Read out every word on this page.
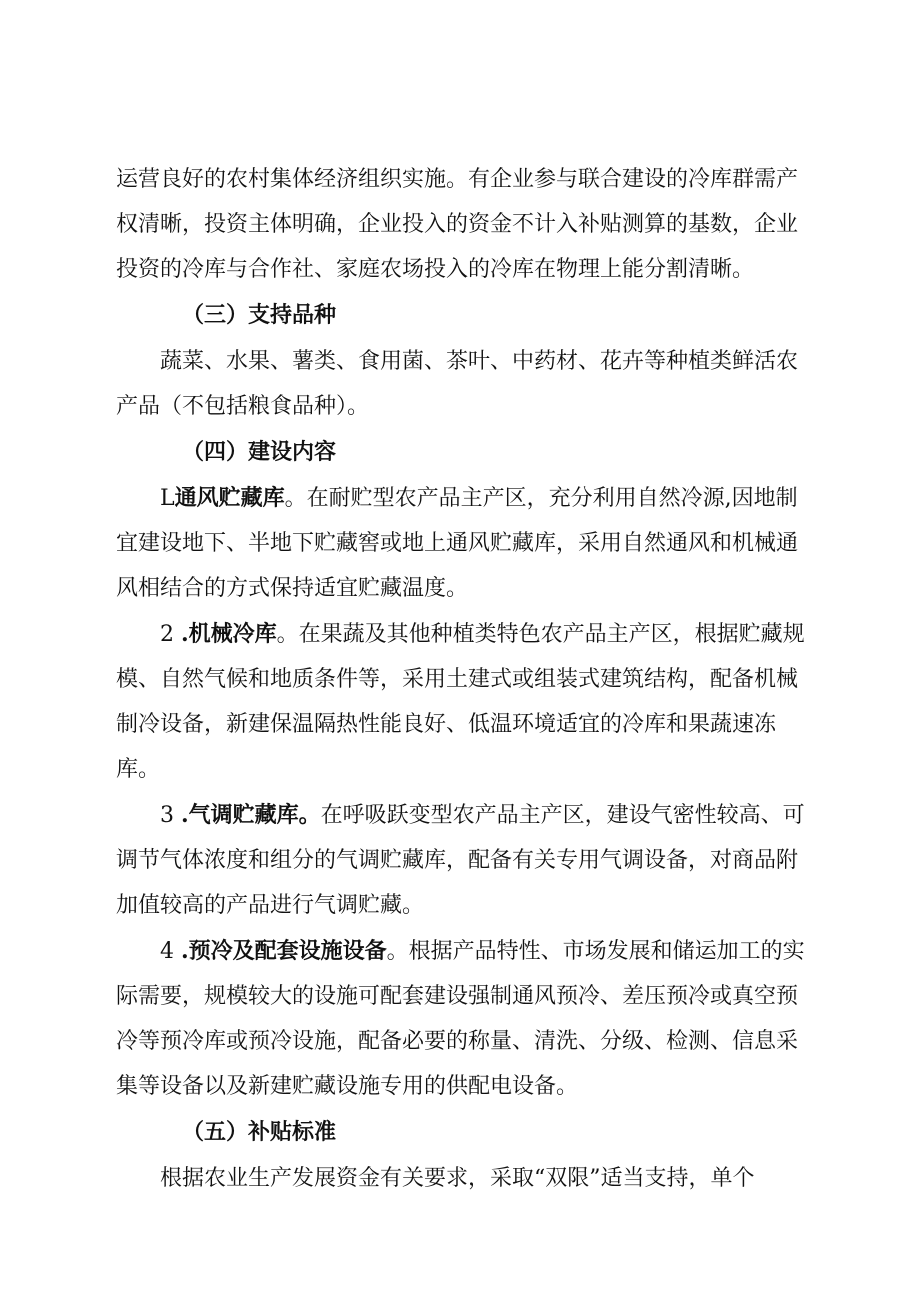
运营良好的农村集体经济组织实施。有企业参与联合建设的冷库群需产权清晰，投资主体明确，企业投入的资金不计入补贴测算的基数，企业投资的冷库与合作社、家庭农场投入的冷库在物理上能分割清晰。

（三）支持品种

蔬菜、水果、薯类、食用菌、茶叶、中药材、花卉等种植类鲜活农产品（不包括粮食品种）。

（四）建设内容

L通风贮藏库。在耐贮型农产品主产区，充分利用自然冷源,因地制宜建设地下、半地下贮藏窖或地上通风贮藏库，采用自然通风和机械通风相结合的方式保持适宜贮藏温度。

2 .机械冷库。在果蔬及其他种植类特色农产品主产区，根据贮藏规模、自然气候和地质条件等，采用土建式或组装式建筑结构，配备机械制冷设备，新建保温隔热性能良好、低温环境适宜的冷库和果蔬速冻库。

3 .气调贮藏库。在呼吸跃变型农产品主产区，建设气密性较高、可调节气体浓度和组分的气调贮藏库，配备有关专用气调设备，对商品附加值较高的产品进行气调贮藏。

4 .预冷及配套设施设备。根据产品特性、市场发展和储运加工的实际需要，规模较大的设施可配套建设强制通风预冷、差压预冷或真空预冷等预冷库或预冷设施，配备必要的称量、清洗、分级、检测、信息采集等设备以及新建贮藏设施专用的供配电设备。

（五）补贴标准

根据农业生产发展资金有关要求，采取“双限”适当支持，单个
